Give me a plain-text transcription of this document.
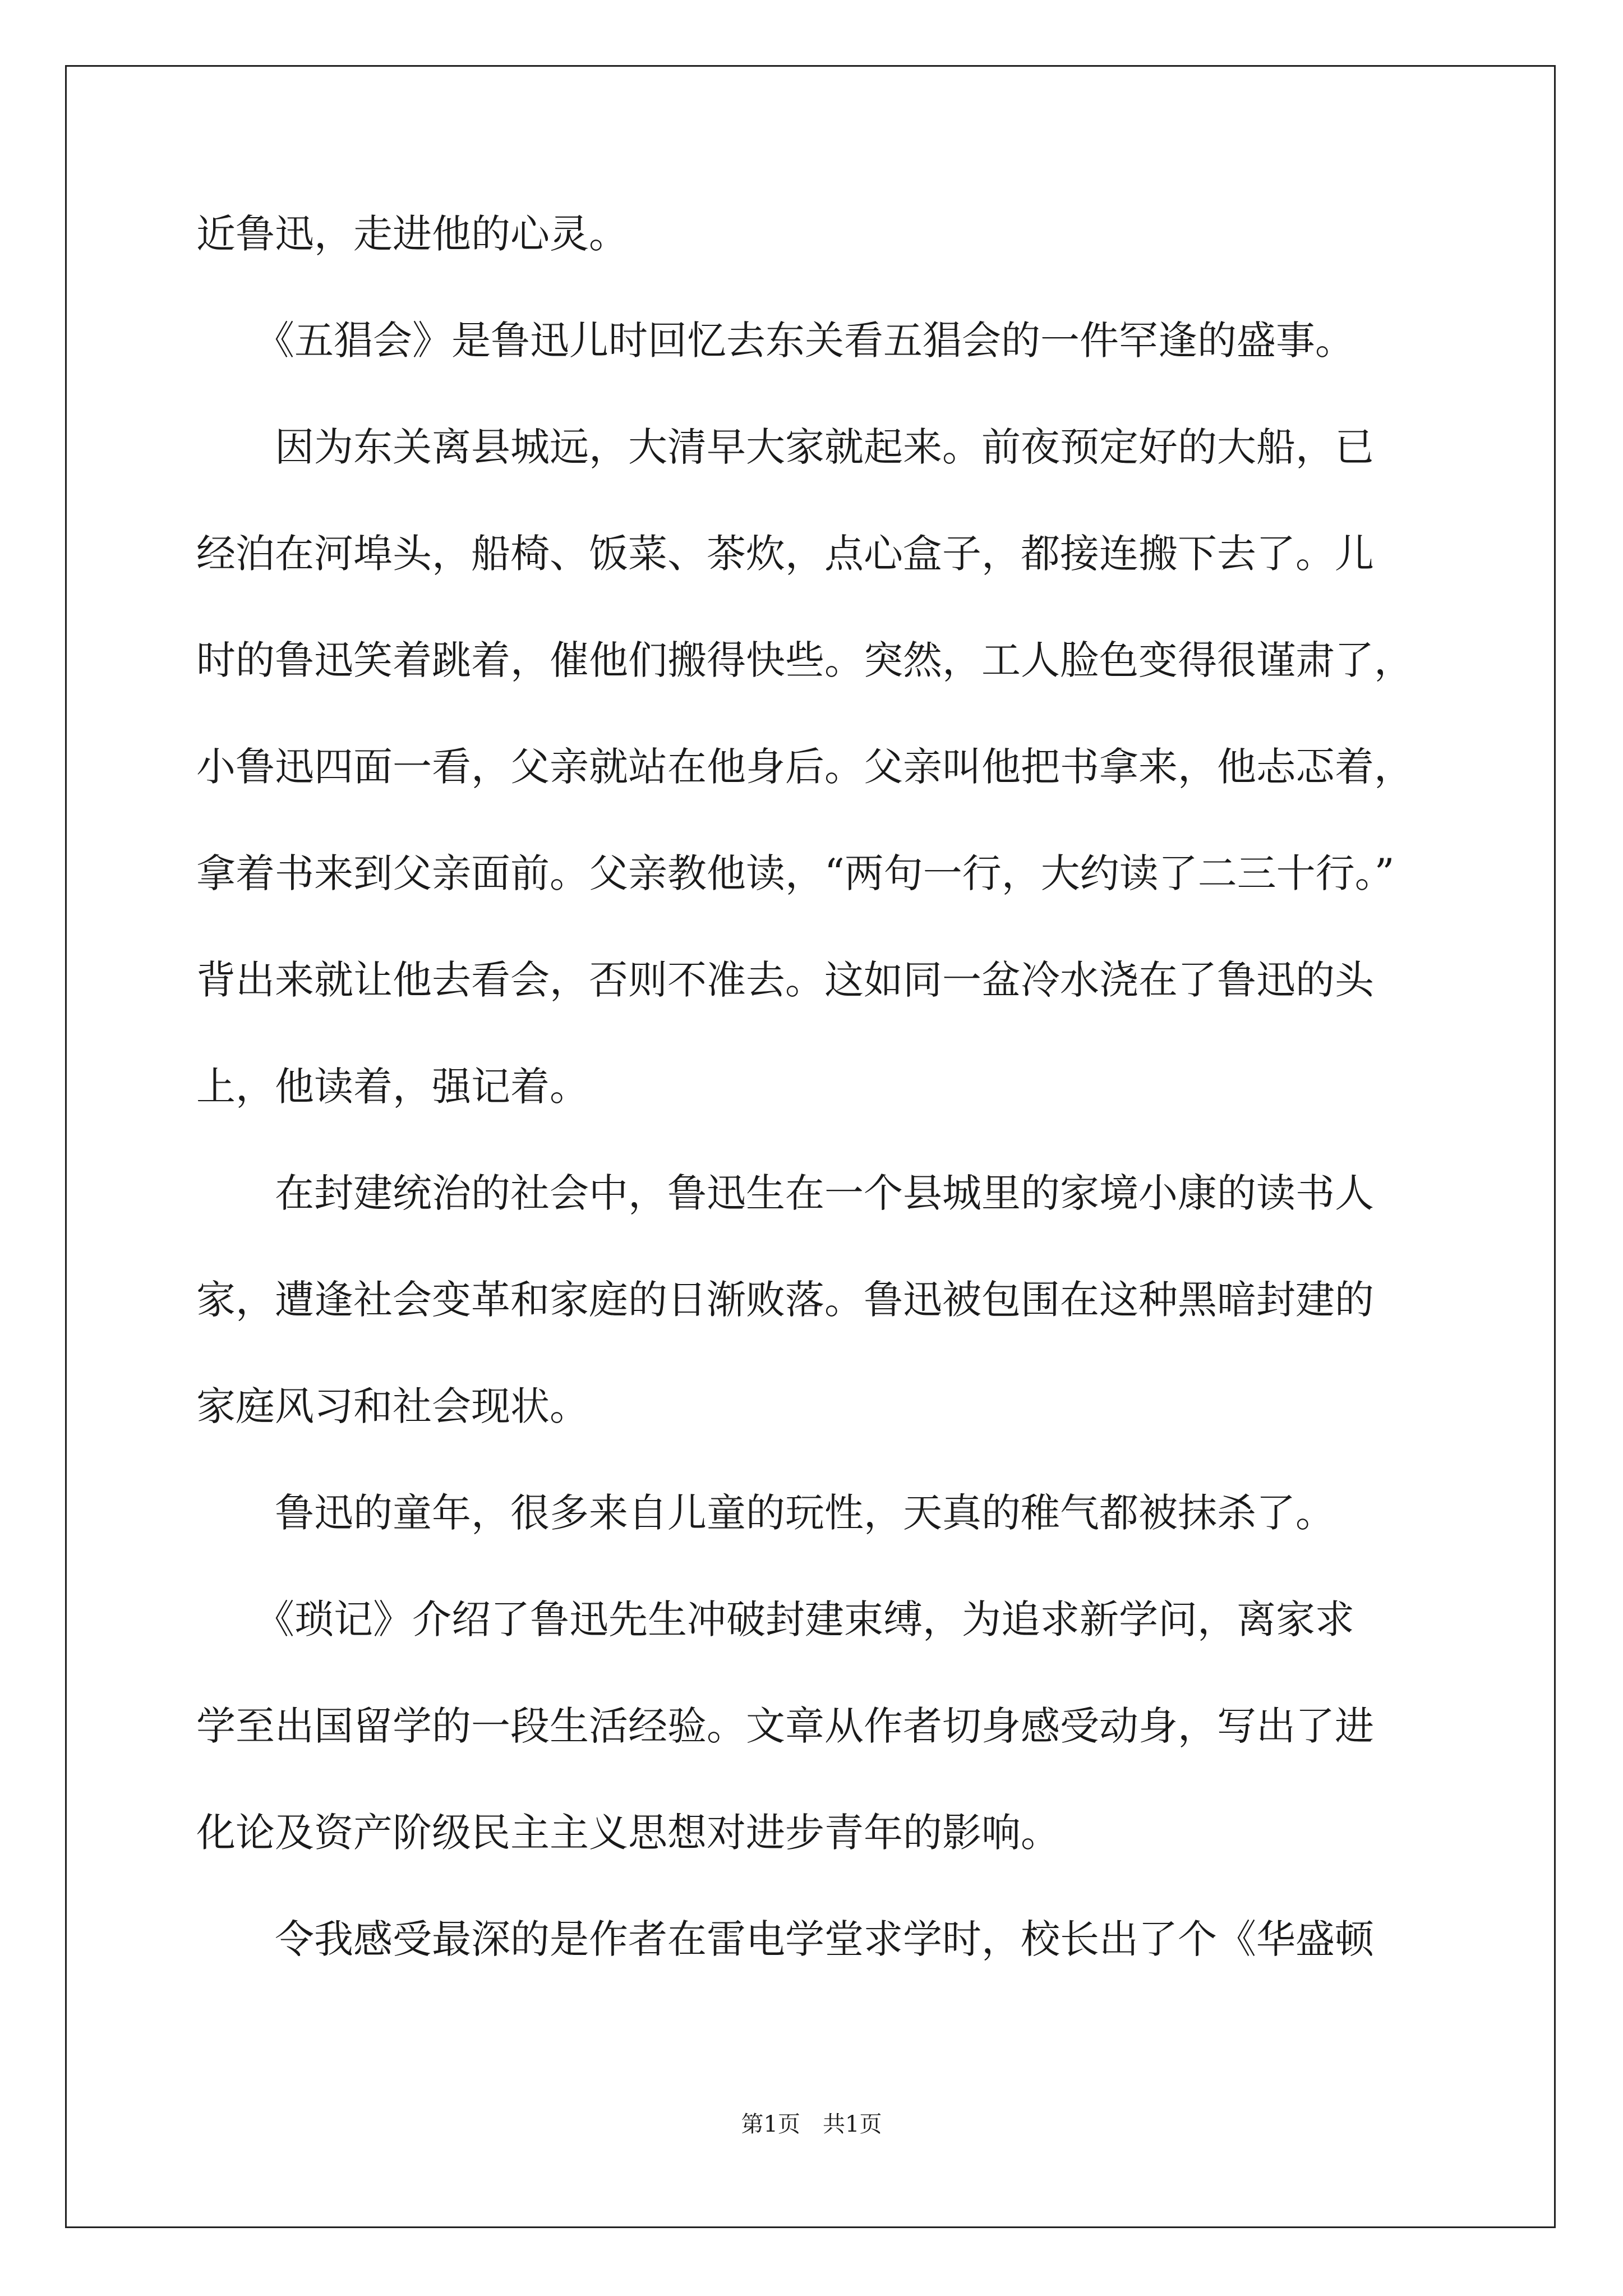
近鲁迅，走进他的心灵。
　　《五猖会》是鲁迅儿时回忆去东关看五猖会的一件罕逢的盛事。
　　因为东关离县城远，大清早大家就起来。前夜预定好的大船，已
经泊在河埠头，船椅、饭菜、茶炊，点心盒子，都接连搬下去了。儿
时的鲁迅笑着跳着，催他们搬得快些。突然，工人脸色变得很谨肃了，
小鲁迅四面一看，父亲就站在他身后。父亲叫他把书拿来，他忐忑着，
拿着书来到父亲面前。父亲教他读，“两句一行，大约读了二三十行。”
背出来就让他去看会，否则不准去。这如同一盆冷水浇在了鲁迅的头
上，他读着，强记着。
　　在封建统治的社会中，鲁迅生在一个县城里的家境小康的读书人
家，遭逢社会变革和家庭的日渐败落。鲁迅被包围在这种黑暗封建的
家庭风习和社会现状。
　　鲁迅的童年，很多来自儿童的玩性，天真的稚气都被抹杀了。
　　《琐记》介绍了鲁迅先生冲破封建束缚，为追求新学问，离家求
学至出国留学的一段生活经验。文章从作者切身感受动身，写出了进
化论及资产阶级民主主义思想对进步青年的影响。
　　令我感受最深的是作者在雷电学堂求学时，校长出了个《华盛顿
第1页　共1页
